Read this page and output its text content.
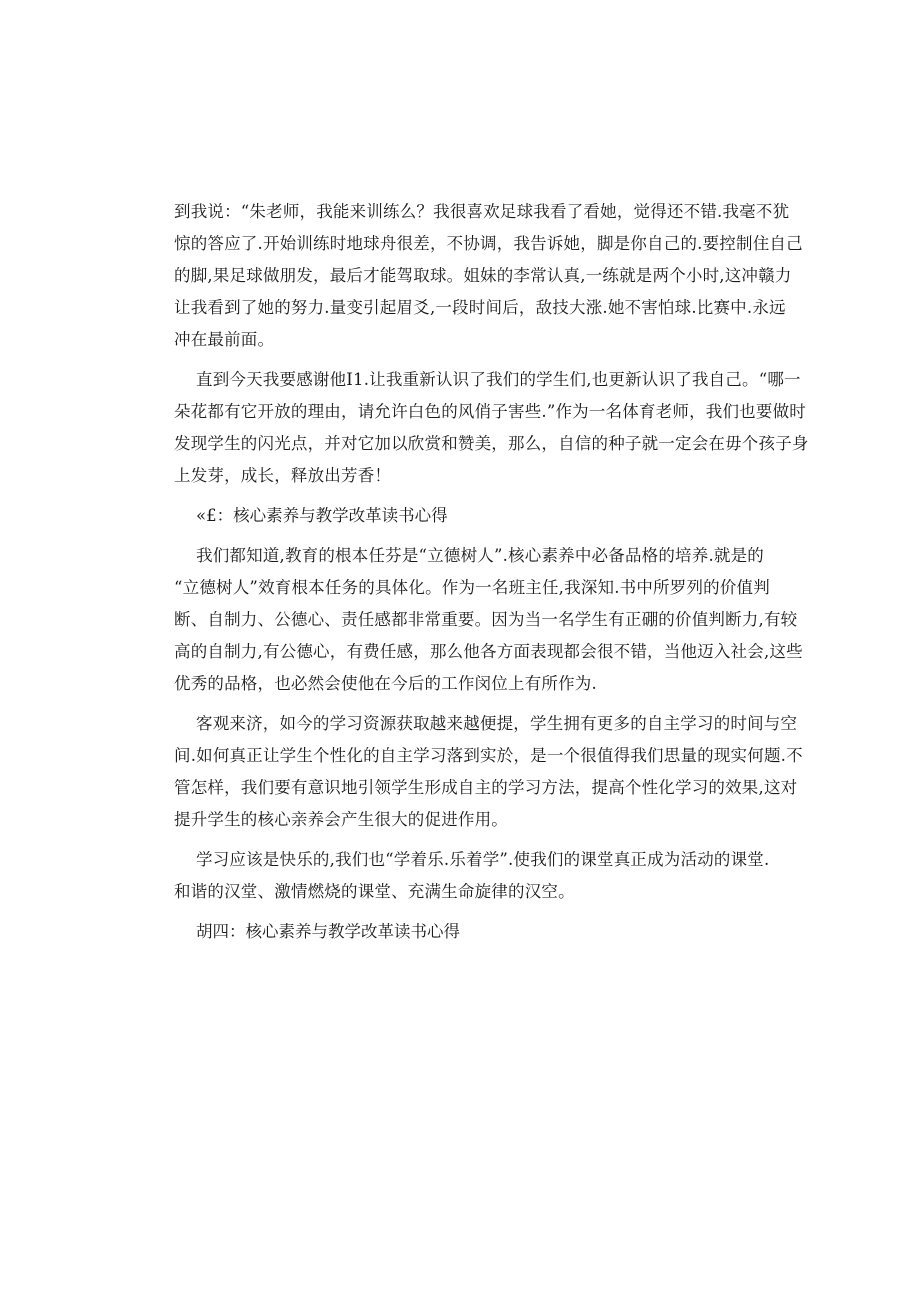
到我说：“朱老师，我能来训练么？我很喜欢足球我看了看她，觉得还不错.我毫不犹
惊的答应了.开始训练时地球舟很差，不协调，我告诉她，脚是你自己的.要控制住自己
的脚,果足球做朋发，最后才能驾取球。姐妹的李常认真,一练就是两个小时,这冲赣力
让我看到了她的努力.量变引起眉爻,一段时间后，敌技大涨.她不害怕球.比赛中.永远
冲在最前面。
直到今天我要感谢他I1.让我重新认识了我们的学生们,也更新认识了我自己。“哪一
朵花都有它开放的理由，请允许白色的风俏子害些.”作为一名体育老师，我们也要做时
发现学生的闪光点，并对它加以欣赏和赞美，那么，自信的种子就一定会在毋个孩子身
上发芽，成长，释放出芳香！
«£：核心素养与教学改革读书心得
我们都知道,教育的根本任芬是“立德树人”.核心素养中必备品格的培养.就是的
“立德树人”效育根本任务的具体化。作为一名班主任,我深知.书中所罗列的价值判
断、自制力、公德心、责任感都非常重要。因为当一名学生有正硼的价值判断力,有较
高的自制力,有公德心，有费任感，那么他各方面表现都会很不错，当他迈入社会,这些
优秀的品格，也必然会使他在今后的工作闵位上有所作为.
客观来济，如今的学习资源获取越来越便提，学生拥有更多的自主学习的时间与空
间.如何真正让学生个性化的自主学习落到实於，是一个很值得我们思量的现实何题.不
管怎样，我们要有意识地引领学生形成自主的学习方法，提高个性化学习的效果,这对
提升学生的核心亲养会产生很大的促进作用。
学习应该是快乐的,我们也“学着乐.乐着学”.使我们的课堂真正成为活动的课堂.
和谐的汉堂、激情燃烧的课堂、充满生命旋律的汉空。
胡四：核心素养与教学改革读书心得
